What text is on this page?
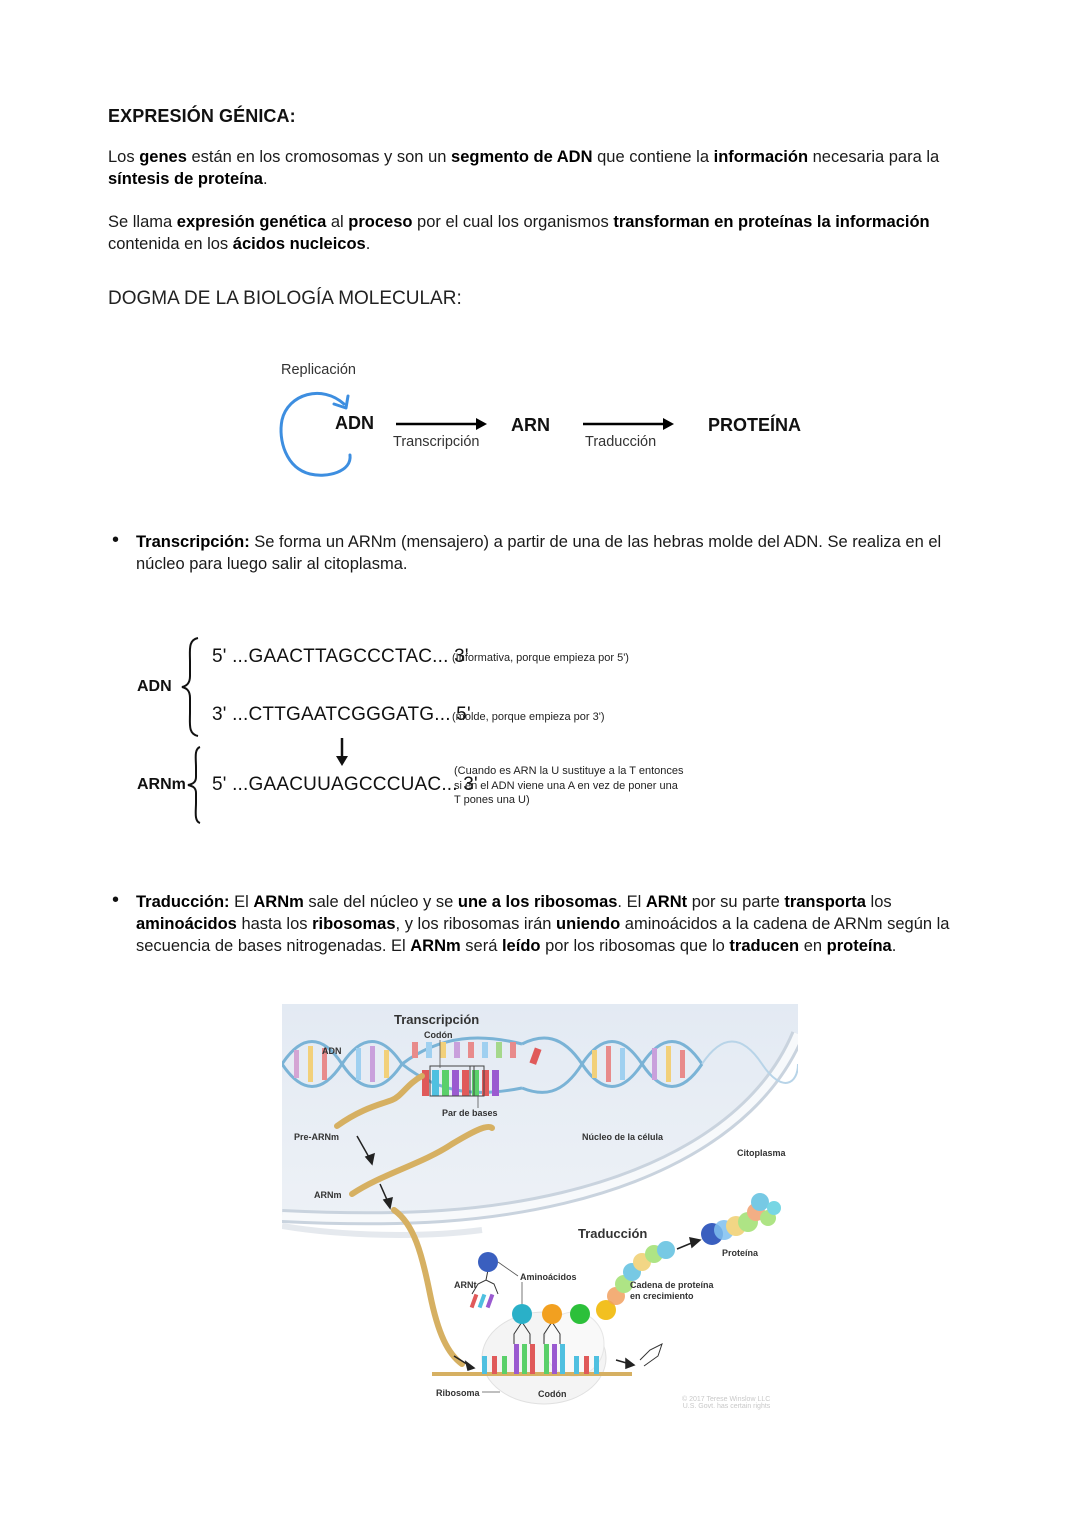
EXPRESIÓN GÉNICA:
Los genes están en los cromosomas y son un segmento de ADN que contiene la información necesaria para la síntesis de proteína.
Se llama expresión genética al proceso por el cual los organismos transforman en proteínas la información contenida en los ácidos nucleicos.
DOGMA DE LA BIOLOGÍA MOLECULAR:
Replicación
ADN
Transcripción
ARN
Traducción
PROTEÍNA
• Transcripción: Se forma un ARNm (mensajero) a partir de una de las hebras molde del ADN. Se realiza en el núcleo para luego salir al citoplasma.
ADN
5' ...GAACTTAGCCCTAC... 3'
(Informativa, porque empieza por 5')
3' ...CTTGAATCGGGATG... 5'
(molde, porque empieza por 3')
ARNm 5' ...GAACUUAGCCCUAC... 3'
(Cuando es ARN la U sustituye a la T entonces
si en el ADN viene una A en vez de poner una
T pones una U)
• Traducción: El ARNm sale del núcleo y se une a los ribosomas. El ARNt por su parte transporta los aminoácidos hasta los ribosomas, y los ribosomas irán uniendo aminoácidos a la cadena de ARNm según la secuencia de bases nitrogenadas. El ARNm será leído por los ribosomas que lo traducen en proteína.
Transcripción
Codón
ADN
Par de bases
Pre-ARNm	Núcleo de la célula
Citoplasma
ARNm
Traducción
Proteína
ARNt
Aminoácidos
Cadena de proteína
en crecimiento
Ribosoma	Codón
© 2017 Terese Winslow LLC
U.S. Govt. has certain rights
